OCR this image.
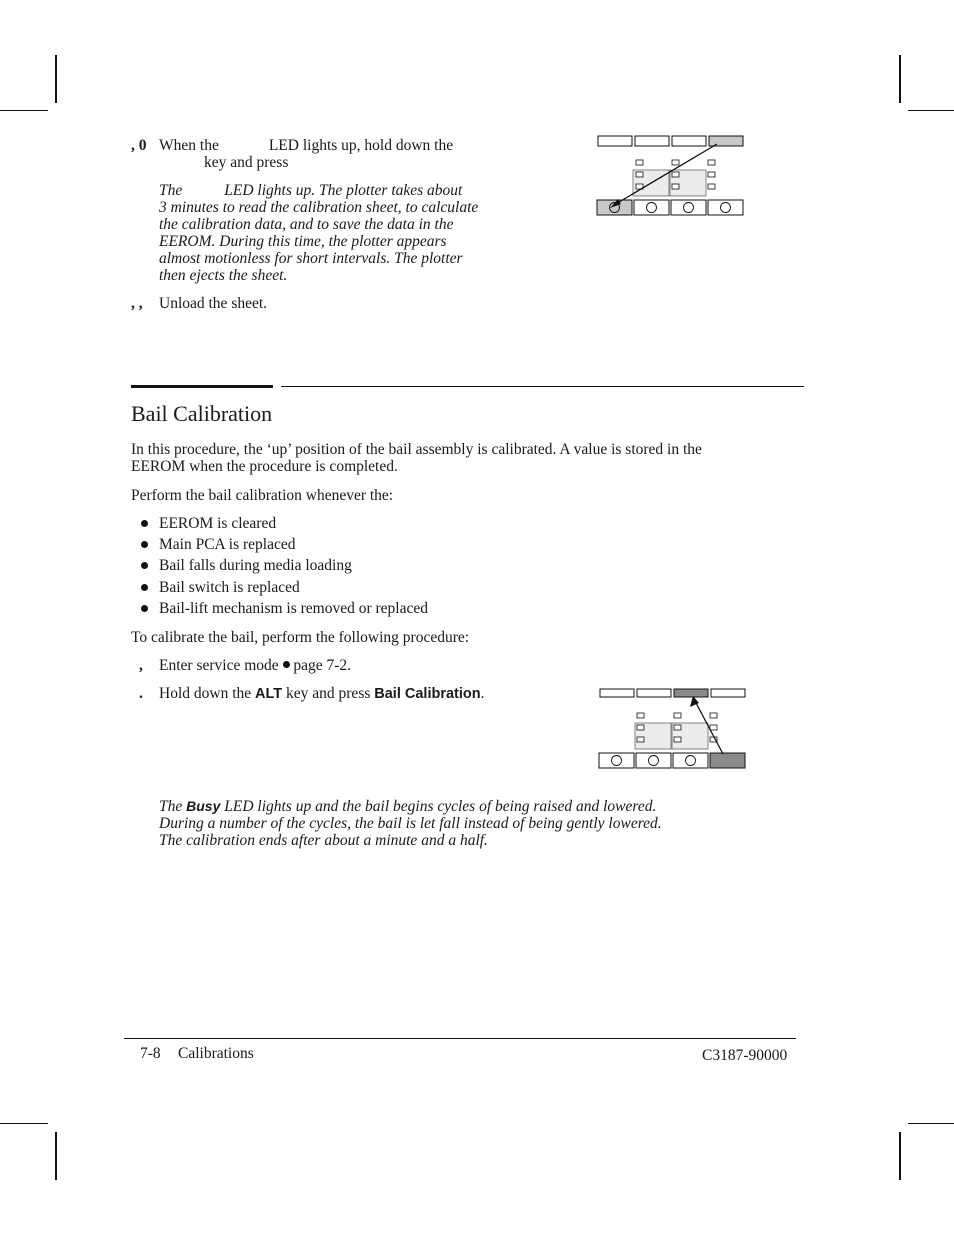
, 0 When the	LED lights up, hold down the
key and press
The	LED lights up. The plotter takes about
3 minutes to read the calibration sheet, to calculate
the calibration data, and to save the data in the
EEROM. During this time, the plotter appears
almost motionless for short intervals. The plotter
then ejects the sheet.
, , Unload the sheet.
Bail Calibration
In this procedure, the ‘up’ position of the bail assembly is calibrated. A value is stored in the
EEROM when the procedure is completed.
Perform the bail calibration whenever the:
EEROM is cleared
Main PCA is replaced
Bail falls during media loading
Bail switch is replaced
Bail-lift mechanism is removed or replaced
To calibrate the bail, perform the following procedure:
, Enter service mode page 7-2.
. Hold down the ALT key and press Bail Calibration.
The Busy LED lights up and the bail begins cycles of being raised and lowered.
During a number of the cycles, the bail is let fall instead of being gently lowered.
The calibration ends after about a minute and a half.
7-8 Calibrations	C3187-90000
